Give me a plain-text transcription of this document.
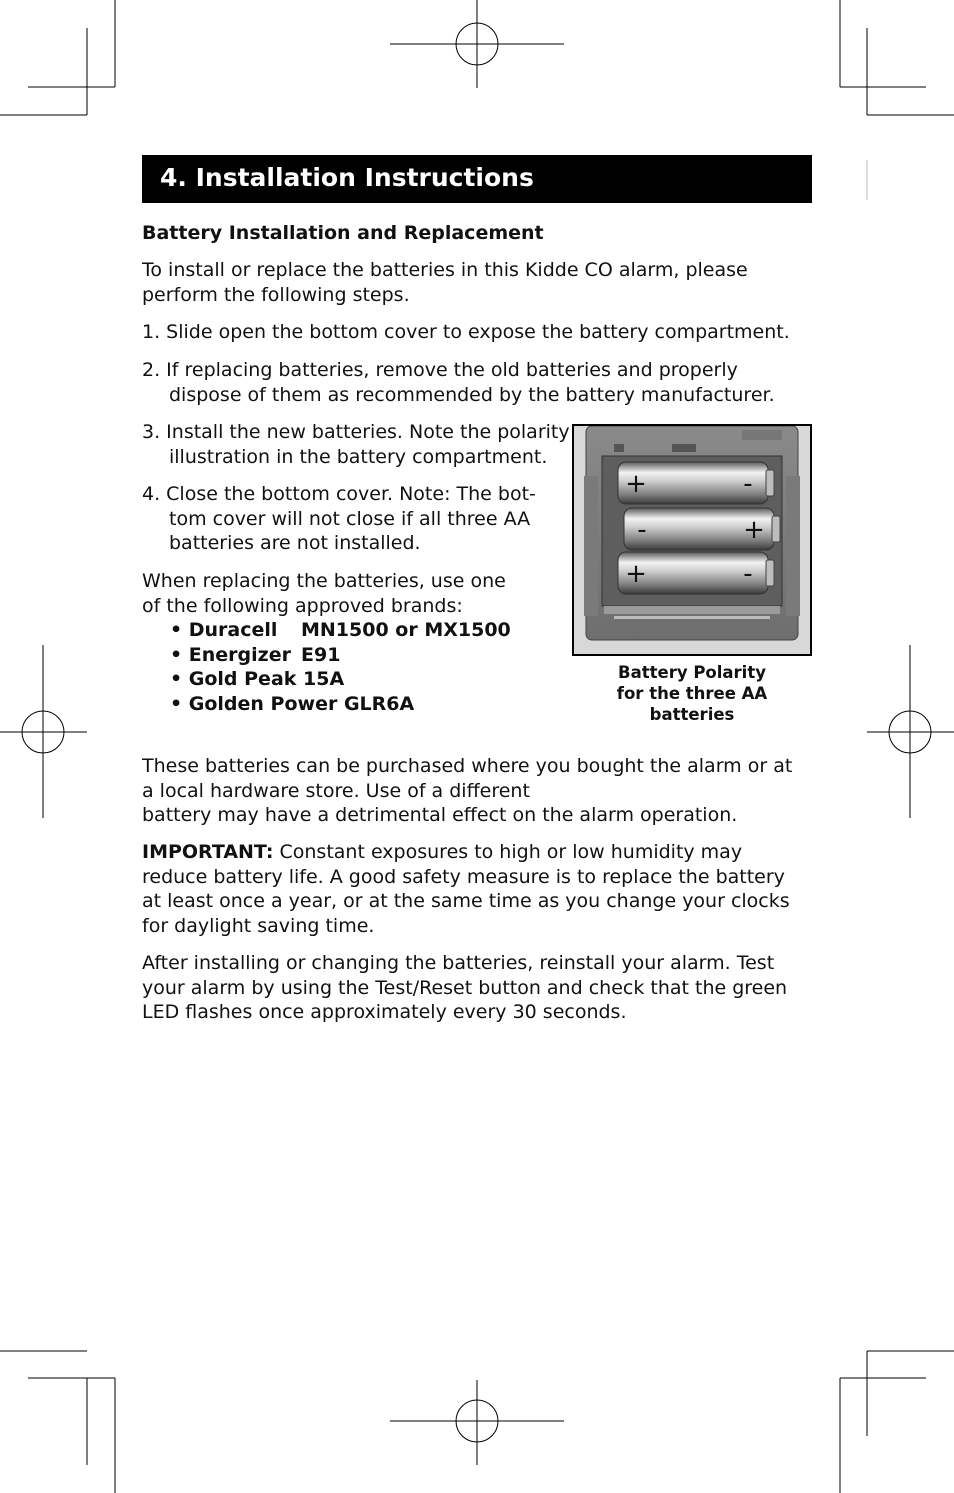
4. Installation Instructions
Battery Installation and Replacement

To install or replace the batteries in this Kidde CO alarm, please perform the following steps.

1. Slide open the bottom cover to expose the battery compartment.

2. If replacing batteries, remove the old batteries and properly dispose of them as recommended by the battery manufacturer.

3. Install the new batteries. Note the polarity illustration in the battery compartment.

4. Close the bottom cover. Note: The bot-tom cover will not close if all three AA batteries are not installed.

When replacing the batteries, use one of the following approved brands:

• Duracell MN1500 or MX1500
• Energizer E91
• Gold Peak 15A
• Golden Power GLR6A
+	-
-	+
+	-
Battery Polarity
for the three AA batteries

These batteries can be purchased where you bought the alarm or at a local hardware store. Use of a different
battery may have a detrimental effect on the alarm operation.

IMPORTANT: Constant exposures to high or low humidity may reduce battery life. A good safety measure is to replace the battery at least once a year, or at the same time as you change your clocks for daylight saving time.

After installing or changing the batteries, reinstall your alarm. Test your alarm by using the Test/Reset button and check that the green LED flashes once approximately every 30 seconds.
